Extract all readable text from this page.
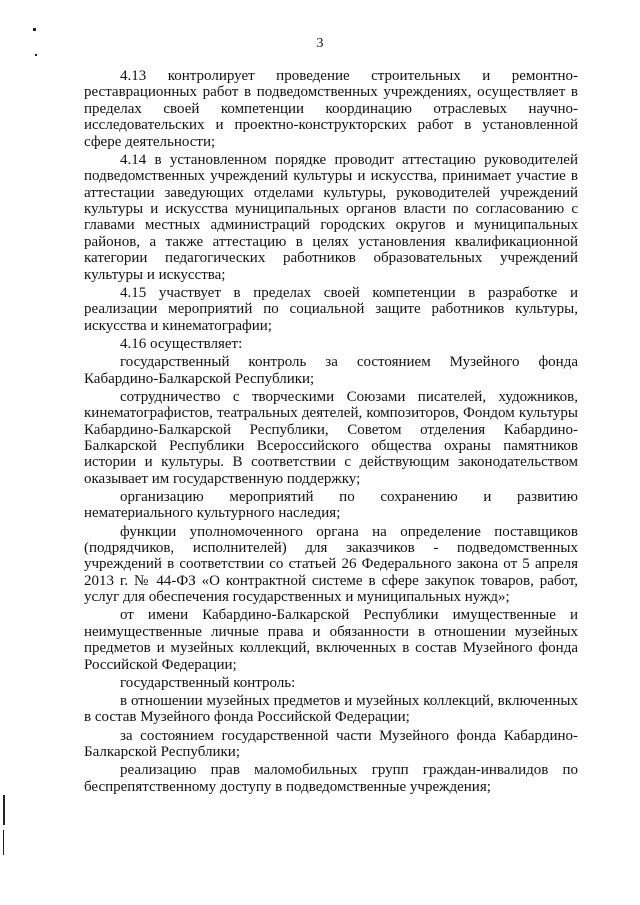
3

4.13 контролирует проведение строительных и ремонтно-реставрационных работ в подведомственных учреждениях, осуществляет в пределах своей компетенции координацию отраслевых научно-исследовательских и проектно-конструкторских работ в установленной сфере деятельности;

4.14 в установленном порядке проводит аттестацию руководителей подведомственных учреждений культуры и искусства, принимает участие в аттестации заведующих отделами культуры, руководителей учреждений культуры и искусства муниципальных органов власти по согласованию с главами местных администраций городских округов и муниципальных районов, а также аттестацию в целях установления квалификационной категории педагогических работников образовательных учреждений культуры и искусства;

4.15 участвует в пределах своей компетенции в разработке и реализации мероприятий по социальной защите работников культуры, искусства и кинематографии;

4.16 осуществляет:

государственный контроль за состоянием Музейного фонда Кабардино-Балкарской Республики;

сотрудничество с творческими Союзами писателей, художников, кинематографистов, театральных деятелей, композиторов, Фондом культуры Кабардино-Балкарской Республики, Советом отделения Кабардино-Балкарской Республики Всероссийского общества охраны памятников истории и культуры. В соответствии с действующим законодательством оказывает им государственную поддержку;

организацию мероприятий по сохранению и развитию нематериального культурного наследия;

функции уполномоченного органа на определение поставщиков (подрядчиков, исполнителей) для заказчиков - подведомственных учреждений в соответствии со статьей 26 Федерального закона от 5 апреля 2013 г. № 44-ФЗ «О контрактной системе в сфере закупок товаров, работ, услуг для обеспечения государственных и муниципальных нужд»;

от имени Кабардино-Балкарской Республики имущественные и неимущественные личные права и обязанности в отношении музейных предметов и музейных коллекций, включенных в состав Музейного фонда Российской Федерации;

государственный контроль:

в отношении музейных предметов и музейных коллекций, включенных в состав Музейного фонда Российской Федерации;

за состоянием государственной части Музейного фонда Кабардино-Балкарской Республики;

реализацию прав маломобильных групп граждан-инвалидов по беспрепятственному доступу в подведомственные учреждения;
